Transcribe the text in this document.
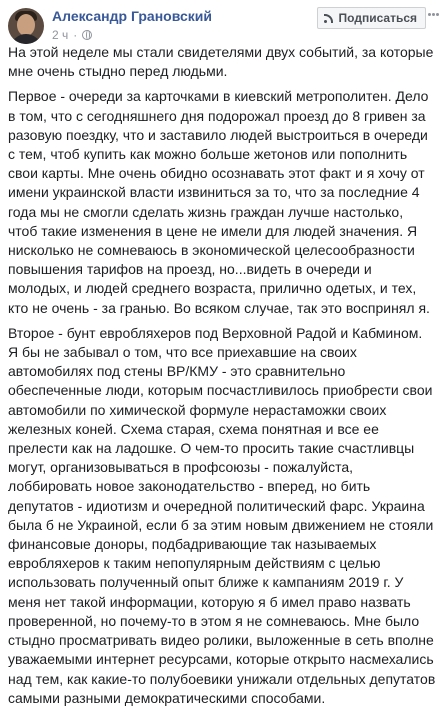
Александр Грановский
2 ч ·
Подписаться

На этой неделе мы стали свидетелями двух событий, за которые мне очень стыдно перед людьми.

Первое - очереди за карточками в киевский метрополитен. Дело в том, что с сегодняшнего дня подорожал проезд до 8 гривен за разовую поездку, что и заставило людей выстроиться в очереди с тем, чтоб купить как можно больше жетонов или пополнить свои карты. Мне очень обидно осознавать этот факт и я хочу от имени украинской власти извиниться за то, что за последние 4 года мы не смогли сделать жизнь граждан лучше настолько, чтоб такие изменения в цене не имели для людей значения. Я нисколько не сомневаюсь в экономической целесообразности повышения тарифов на проезд, но...видеть в очереди и молодых, и людей среднего возраста, прилично одетых, и тех, кто не очень - за гранью. Во всяком случае, так это воспринял я.

Второе - бунт евробляхеров под Верховной Радой и Кабмином. Я бы не забывал о том, что все приехавшие на своих автомобилях под стены ВР/КМУ - это сравнительно обеспеченные люди, которым посчастливилось приобрести свои автомобили по химической формуле нерастаможки своих железных коней. Схема старая, схема понятная и все ее прелести как на ладошке. О чем-то просить такие счастливцы могут, организовываться в профсоюзы - пожалуйста, лоббировать новое законодательство - вперед, но бить депутатов - идиотизм и очередной политический фарс. Украина была б не Украиной, если б за этим новым движением не стояли финансовые доноры, подбадривающие так называемых евробляхеров к таким непопулярным действиям с целью использовать полученный опыт ближе к кампаниям 2019 г. У меня нет такой информации, которую я б имел право назвать проверенной, но почему-то в этом я не сомневаюсь. Мне было стыдно просматривать видео ролики, выложенные в сеть вполне уважаемыми интернет ресурсами, которые открыто насмехались над тем, как какие-то полубоевики унижали отдельных депутатов самыми разными демократическими способами.
